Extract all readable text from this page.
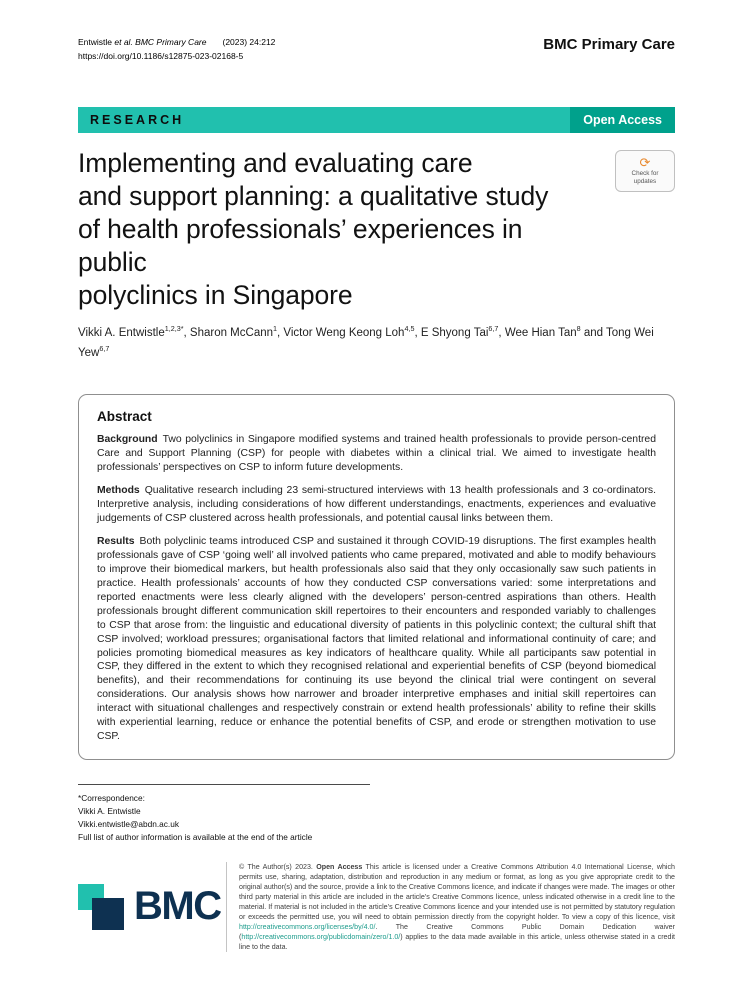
Entwistle et al. BMC Primary Care (2023) 24:212
https://doi.org/10.1186/s12875-023-02168-5
BMC Primary Care
RESEARCH	Open Access
Implementing and evaluating care
and support planning: a qualitative study
of health professionals’ experiences in public
polyclinics in Singapore
⟳
Check for updates

Vikki A. Entwistle$^{1,2,3*}$, Sharon McCann$^1$, Victor Weng Keong Loh$^{4,5}$, E Shyong Tai$^{6,7}$, Wee Hian Tan$^8$ and Tong Wei Yew$^{6,7}$

Abstract

Background Two polyclinics in Singapore modified systems and trained health professionals to provide person-centred Care and Support Planning (CSP) for people with diabetes within a clinical trial. We aimed to investigate health professionals’ perspectives on CSP to inform future developments.

Methods Qualitative research including 23 semi-structured interviews with 13 health professionals and 3 co-ordinators. Interpretive analysis, including considerations of how different understandings, enactments, experiences and evaluative judgements of CSP clustered across health professionals, and potential causal links between them.

Results Both polyclinic teams introduced CSP and sustained it through COVID-19 disruptions. The first examples health professionals gave of CSP ‘going well’ all involved patients who came prepared, motivated and able to modify behaviours to improve their biomedical markers, but health professionals also said that they only occasionally saw such patients in practice. Health professionals’ accounts of how they conducted CSP conversations varied: some interpretations and reported enactments were less clearly aligned with the developers’ person-centred aspirations than others. Health professionals brought different communication skill repertoires to their encounters and responded variably to challenges to CSP that arose from: the linguistic and educational diversity of patients in this polyclinic context; the cultural shift that CSP involved; workload pressures; organisational factors that limited relational and informational continuity of care; and policies promoting biomedical measures as key indicators of healthcare quality. While all participants saw potential in CSP, they differed in the extent to which they recognised relational and experiential benefits of CSP (beyond biomedical benefits), and their recommendations for continuing its use beyond the clinical trial were contingent on several considerations. Our analysis shows how narrower and broader interpretive emphases and initial skill repertoires can interact with situational challenges and respectively constrain or extend health professionals’ ability to refine their skills with experiential learning, reduce or enhance the potential benefits of CSP, and erode or strengthen motivation to use CSP.

*Correspondence:
Vikki A. Entwistle
Vikki.entwistle@abdn.ac.uk
Full list of author information is available at the end of the article
BMC
© The Author(s) 2023. Open Access This article is licensed under a Creative Commons Attribution 4.0 International License, which permits use, sharing, adaptation, distribution and reproduction in any medium or format, as long as you give appropriate credit to the original author(s) and the source, provide a link to the Creative Commons licence, and indicate if changes were made. The images or other third party material in this article are included in the article’s Creative Commons licence, unless indicated otherwise in a credit line to the material. If material is not included in the article’s Creative Commons licence and your intended use is not permitted by statutory regulation or exceeds the permitted use, you will need to obtain permission directly from the copyright holder. To view a copy of this licence, visit http://creativecommons.org/licenses/by/4.0/. The Creative Commons Public Domain Dedication waiver (http://creativecommons.org/publicdomain/zero/1.0/) applies to the data made available in this article, unless otherwise stated in a credit line to the data.
